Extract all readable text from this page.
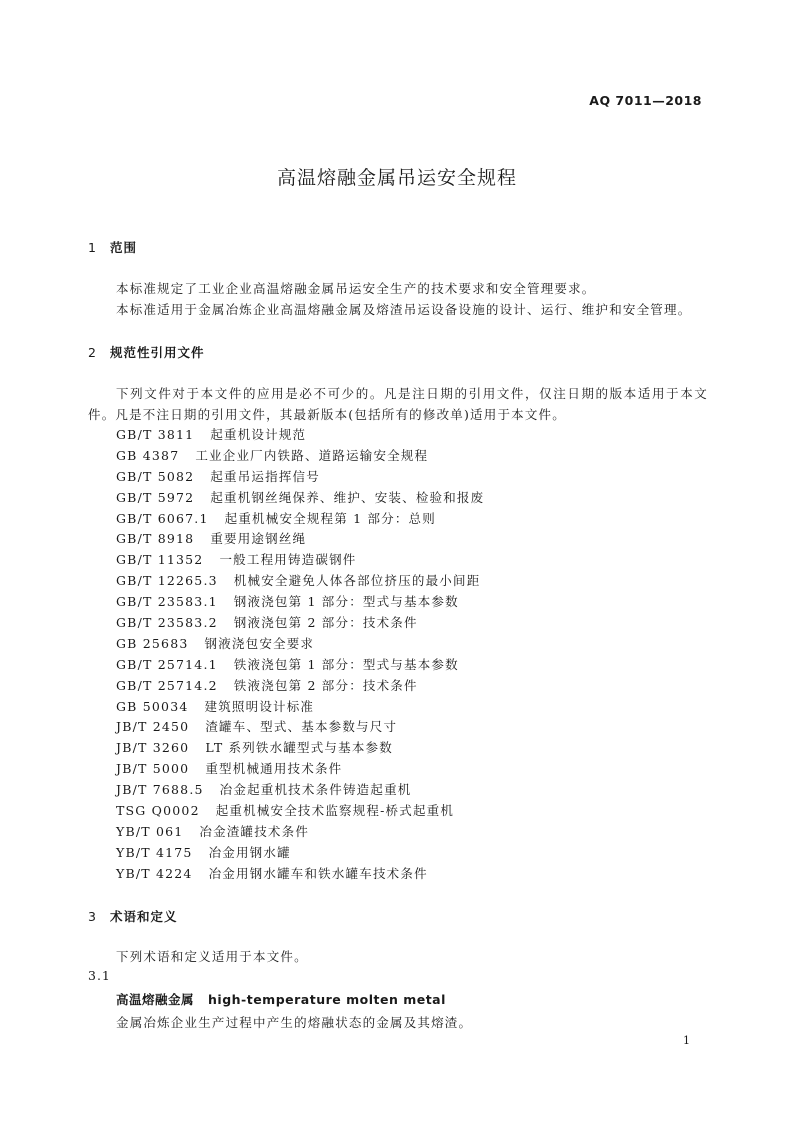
AQ 7011—2018
高温熔融金属吊运安全规程
1 范围
本标准规定了工业企业高温熔融金属吊运安全生产的技术要求和安全管理要求。
本标准适用于金属冶炼企业高温熔融金属及熔渣吊运设备设施的设计、运行、维护和安全管理。
2 规范性引用文件
下列文件对于本文件的应用是必不可少的。凡是注日期的引用文件，仅注日期的版本适用于本文件。凡是不注日期的引用文件，其最新版本(包括所有的修改单)适用于本文件。
GB/T 3811 起重机设计规范
GB 4387 工业企业厂内铁路、道路运输安全规程
GB/T 5082 起重吊运指挥信号
GB/T 5972 起重机钢丝绳保养、维护、安装、检验和报废
GB/T 6067.1 起重机械安全规程第 1 部分：总则
GB/T 8918 重要用途钢丝绳
GB/T 11352 一般工程用铸造碳钢件
GB/T 12265.3 机械安全避免人体各部位挤压的最小间距
GB/T 23583.1 钢液浇包第 1 部分：型式与基本参数
GB/T 23583.2 钢液浇包第 2 部分：技术条件
GB 25683 钢液浇包安全要求
GB/T 25714.1 铁液浇包第 1 部分：型式与基本参数
GB/T 25714.2 铁液浇包第 2 部分：技术条件
GB 50034 建筑照明设计标准
JB/T 2450 渣罐车、型式、基本参数与尺寸
JB/T 3260 LT 系列铁水罐型式与基本参数
JB/T 5000 重型机械通用技术条件
JB/T 7688.5 冶金起重机技术条件铸造起重机
TSG Q0002 起重机械安全技术监察规程-桥式起重机
YB/T 061 冶金渣罐技术条件
YB/T 4175 冶金用钢水罐
YB/T 4224 冶金用钢水罐车和铁水罐车技术条件
3 术语和定义
下列术语和定义适用于本文件。
3.1
高温熔融金属 high-temperature molten metal
金属冶炼企业生产过程中产生的熔融状态的金属及其熔渣。
1
